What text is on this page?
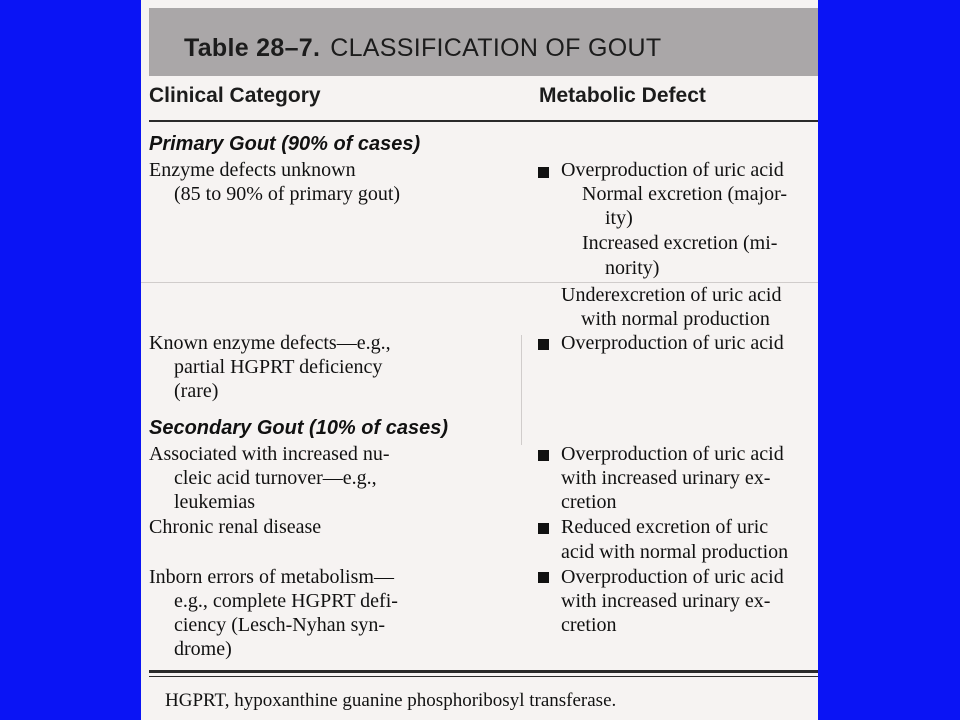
Table 28–7. CLASSIFICATION OF GOUT
Clinical Category	Metabolic Defect
Primary Gout (90% of cases)
Enzyme defects unknown
(85 to 90% of primary gout)
Overproduction of uric acid
Normal excretion (major-
ity)
Increased excretion (mi-
nority)
Underexcretion of uric acid
with normal production
Known enzyme defects—e.g.,
partial HGPRT deficiency
(rare)
Overproduction of uric acid
Secondary Gout (10% of cases)
Associated with increased nu-
cleic acid turnover—e.g.,
leukemias
Overproduction of uric acid
with increased urinary ex-
cretion
Chronic renal disease	Reduced excretion of uric
acid with normal production
Inborn errors of metabolism—
e.g., complete HGPRT defi-
ciency (Lesch-Nyhan syn-
drome)
Overproduction of uric acid
with increased urinary ex-
cretion
HGPRT, hypoxanthine guanine phosphoribosyl transferase.
